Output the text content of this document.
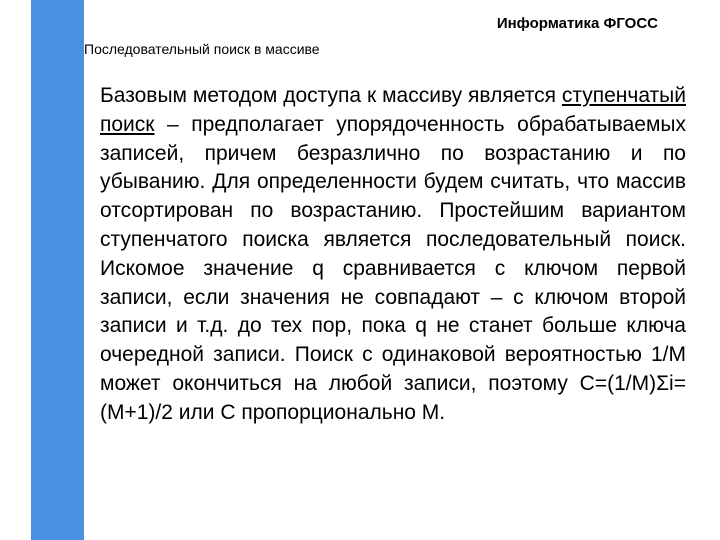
Информатика ФГОСС
Последовательный поиск в массиве

Базовым методом доступа к массиву является ступенчатый поиск – предполагает упорядоченность обрабатываемых записей, причем безразлично по возрастанию и по убыванию. Для определенности будем считать, что массив отсортирован по возрастанию. Простейшим вариантом ступенчатого поиска является последовательный поиск. Искомое значение q сравнивается с ключом первой записи, если значения не совпадают – с ключом второй записи и т.д. до тех пор, пока q не станет больше ключа очередной записи. Поиск с одинаковой вероятностью 1/M может окончиться на любой записи, поэтому C=(1/M)Σi=(M+1)/2 или C пропорционально M.
